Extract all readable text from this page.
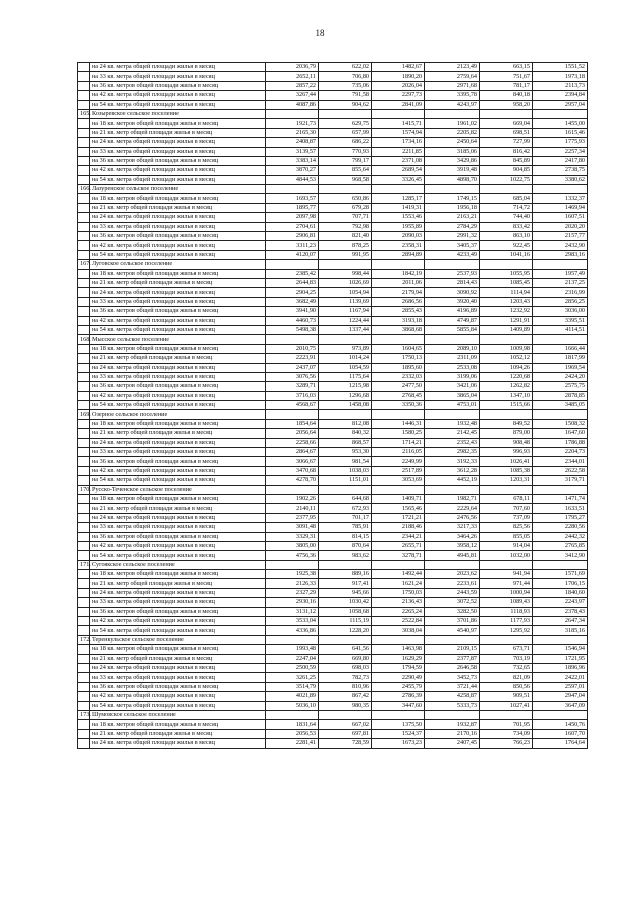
18
	на 24 кв. метра общей площади жилья в месяц	2036,79	622,02	1482,67	2123,49	663,15	1551,52
	на 33 кв. метра общей площади жилья в месяц	2652,11	706,80	1890,20	2759,64	751,67	1973,18
	на 36 кв. метров общей площади жилья в месяц	2857,22	735,06	2026,04	2971,68	781,17	2113,73
	на 42 кв. метра общей площади жилья в месяц	3267,44	791,58	2297,73	3395,78	840,18	2394,84
	на 54 кв. метра общей площади жилья в месяц	4087,86	904,62	2841,09	4243,97	958,20	2957,04
165.	Козыревское сельское поселение						
	на 18 кв. метров общей площади жилья в месяц	1921,73	629,75	1415,71	1961,02	669,04	1455,00
	на 21 кв. метр общей площади жилья в месяц	2165,30	657,99	1574,94	2205,82	698,51	1615,46
	на 24 кв. метра общей площади жилья в месяц	2408,87	686,22	1734,16	2450,64	727,99	1775,93
	на 33 кв. метра общей площади жилья в месяц	3139,57	770,93	2211,85	3185,06	816,42	2257,34
	на 36 кв. метров общей площади жилья в месяц	3383,14	799,17	2371,08	3429,86	845,89	2417,80
	на 42 кв. метра общей площади жилья в месяц	3870,27	855,64	2689,54	3919,48	904,85	2738,75
	на 54 кв. метра общей площади жилья в месяц	4844,53	968,58	3326,45	4898,70	1022,75	3380,62
166.	Лазуренское сельское поселение						
	на 18 кв. метров общей площади жилья в месяц	1693,57	650,86	1285,17	1749,15	685,04	1332,37
	на 21 кв. метр общей площади жилья в месяц	1895,77	679,28	1419,31	1956,18	714,72	1469,94
	на 24 кв. метра общей площади жилья в месяц	2097,98	707,71	1553,46	2163,21	744,40	1607,51
	на 33 кв. метра общей площади жилья в месяц	2704,61	792,98	1955,89	2784,29	833,42	2020,20
	на 36 кв. метров общей площади жилья в месяц	2906,81	821,40	2090,03	2991,32	863,10	2157,77
	на 42 кв. метра общей площади жилья в месяц	3311,23	878,25	2358,31	3405,37	922,45	2432,90
	на 54 кв. метра общей площади жилья в месяц	4120,07	991,95	2894,89	4233,49	1041,16	2983,16
167.	Луговское сельское поселение						
	на 18 кв. метров общей площади жилья в месяц	2385,42	998,44	1842,19	2537,93	1055,95	1957,49
	на 21 кв. метр общей площади жилья в месяц	2644,83	1026,69	2011,06	2814,43	1085,45	2137,25
	на 24 кв. метра общей площади жилья в месяц	2904,25	1054,94	2179,94	3090,92	1114,94	2316,99
	на 33 кв. метра общей площади жилья в месяц	3682,49	1139,69	2686,56	3920,40	1203,43	2856,25
	на 36 кв. метров общей площади жилья в месяц	3941,90	1167,94	2855,43	4196,89	1232,92	3036,00
	на 42 кв. метра общей площади жилья в месяц	4460,73	1224,44	3193,18	4749,87	1291,91	3395,51
	на 54 кв. метра общей площади жилья в месяц	5498,38	1337,44	3868,68	5855,84	1409,89	4114,51
168.	Мысское сельское поселение						
	на 18 кв. метров общей площади жилья в месяц	2010,75	973,89	1604,65	2089,10	1009,98	1666,44
	на 21 кв. метр общей площади жилья в месяц	2223,91	1014,24	1750,13	2311,09	1052,12	1817,99
	на 24 кв. метра общей площади жилья в месяц	2437,07	1054,59	1895,60	2533,08	1094,26	1969,54
	на 33 кв. метра общей площади жилья в месяц	3076,56	1175,64	2332,03	3199,06	1220,68	2424,20
	на 36 кв. метров общей площади жилья в месяц	3289,71	1215,98	2477,50	3421,06	1262,82	2575,75
	на 42 кв. метра общей площади жилья в месяц	3716,03	1296,68	2768,45	3865,04	1347,10	2878,85
	на 54 кв. метра общей площади жилья в месяц	4568,67	1458,08	3350,36	4753,01	1515,66	3485,05
169.	Озерное сельское поселение						
	на 18 кв. метров общей площади жилья в месяц	1854,64	812,08	1446,31	1932,48	849,52	1508,32
	на 21 кв. метр общей площади жилья в месяц	2056,64	840,32	1580,25	2142,45	879,00	1647,60
	на 24 кв. метра общей площади жилья в месяц	2258,66	868,57	1714,21	2352,43	908,48	1786,88
	на 33 кв. метра общей площади жилья в месяц	2864,67	953,30	2116,05	2982,35	996,93	2204,73
	на 36 кв. метров общей площади жилья в месяц	3066,67	981,54	2249,99	3192,33	1026,41	2344,01
	на 42 кв. метра общей площади жилья в месяц	3470,68	1038,03	2517,89	3612,28	1085,38	2622,58
	на 54 кв. метра общей площади жилья в месяц	4278,70	1151,01	3053,69	4452,19	1203,31	3179,71
170.	Русско-Теченское сельское поселение						
	на 18 кв. метров общей площади жилья в месяц	1902,26	644,68	1409,71	1982,71	678,11	1471,74
	на 21 кв. метр общей площади жилья в месяц	2140,11	672,93	1565,46	2229,64	707,60	1633,51
	на 24 кв. метра общей площади жилья в месяц	2377,95	701,17	1721,21	2476,56	737,09	1795,27
	на 33 кв. метра общей площади жилья в месяц	3091,48	785,91	2188,46	3217,33	825,56	2280,56
	на 36 кв. метров общей площади жилья в месяц	3329,31	814,15	2344,21	3464,26	855,05	2442,32
	на 42 кв. метра общей площади жилья в месяц	3805,00	870,64	2655,71	3958,12	914,04	2765,85
	на 54 кв. метра общей площади жилья в месяц	4756,36	983,62	3278,71	4945,81	1032,00	3412,90
171.	Сугоякское сельское поселение						
	на 18 кв. метров общей площади жилья в месяц	1925,38	889,16	1492,44	2023,62	941,94	1571,69
	на 21 кв. метр общей площади жилья в месяц	2126,33	917,41	1621,24	2233,61	971,44	1706,15
	на 24 кв. метра общей площади жилья в месяц	2327,29	945,66	1750,03	2443,59	1000,94	1840,60
	на 33 кв. метра общей площади жилья в месяц	2930,16	1030,42	2136,43	3072,52	1089,43	2243,97
	на 36 кв. метров общей площади жилья в месяц	3131,12	1058,68	2265,24	3282,50	1118,93	2378,43
	на 42 кв. метра общей площади жилья в месяц	3533,04	1115,19	2522,84	3701,86	1177,93	2647,34
	на 54 кв. метра общей площади жилья в месяц	4336,86	1228,20	3038,04	4540,97	1295,92	3185,16
172.	Теренкульское сельское поселение						
	на 18 кв. метров общей площади жилья в месяц	1993,48	641,56	1463,98	2109,15	673,71	1546,94
	на 21 кв. метр общей площади жилья в месяц	2247,04	669,80	1629,29	2377,87	703,19	1721,95
	на 24 кв. метра общей площади жилья в месяц	2500,59	698,03	1794,59	2646,58	732,65	1896,96
	на 33 кв. метра общей площади жилья в месяц	3261,25	782,73	2290,49	3452,73	821,09	2422,01
	на 36 кв. метров общей площади жилья в месяц	3514,79	810,96	2455,79	3721,44	850,56	2597,01
	на 42 кв. метра общей площади жилья в месяц	4021,89	867,42	2786,39	4258,87	909,51	2947,04
	на 54 кв. метра общей площади жилья в месяц	5036,10	980,35	3447,60	5333,73	1027,41	3647,09
173.	Шумовское сельское поселение						
	на 18 кв. метров общей площади жилья в месяц	1831,64	667,02	1375,50	1932,87	701,95	1450,76
	на 21 кв. метр общей площади жилья в месяц	2056,53	697,81	1524,37	2170,16	734,09	1607,70
	на 24 кв. метра общей площади жилья в месяц	2281,41	728,59	1673,23	2407,45	766,23	1764,64
